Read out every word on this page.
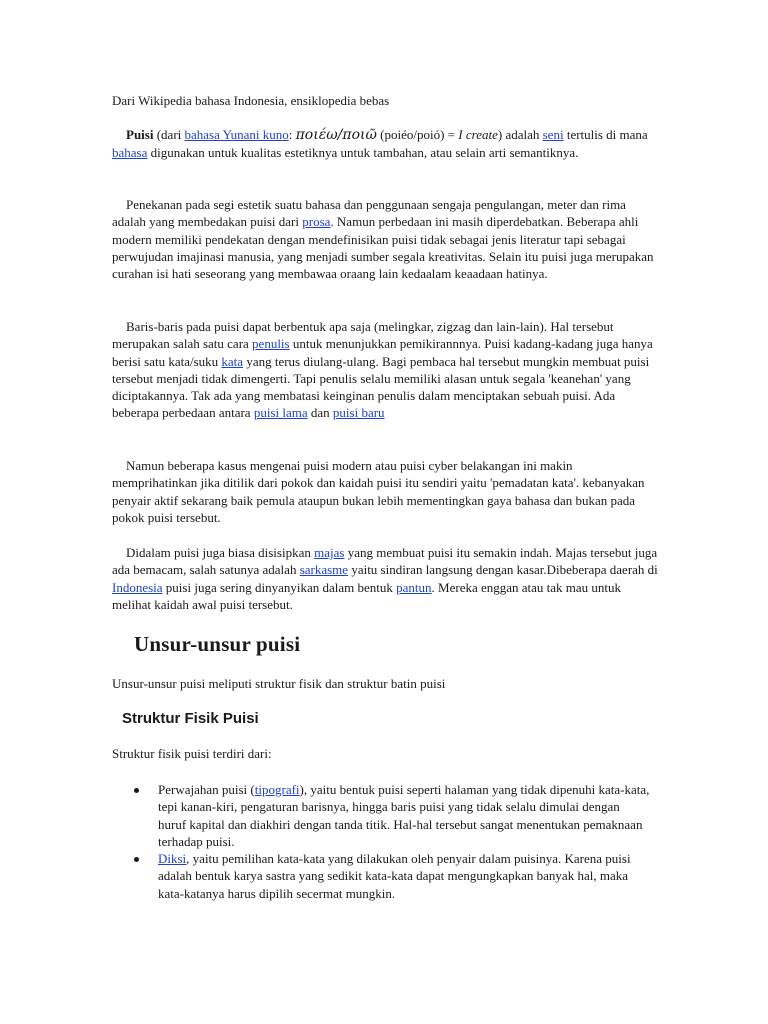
Dari Wikipedia bahasa Indonesia, ensiklopedia bebas

Puisi (dari bahasa Yunani kuno: ποιέω/ποιῶ (poiéo/poió) = I create) adalah seni tertulis di mana bahasa digunakan untuk kualitas estetiknya untuk tambahan, atau selain arti semantiknya.

Penekanan pada segi estetik suatu bahasa dan penggunaan sengaja pengulangan, meter dan rima adalah yang membedakan puisi dari prosa. Namun perbedaan ini masih diperdebatkan. Beberapa ahli modern memiliki pendekatan dengan mendefinisikan puisi tidak sebagai jenis literatur tapi sebagai perwujudan imajinasi manusia, yang menjadi sumber segala kreativitas. Selain itu puisi juga merupakan curahan isi hati seseorang yang membawaa oraang lain kedaalam keaadaan hatinya.

Baris-baris pada puisi dapat berbentuk apa saja (melingkar, zigzag dan lain-lain). Hal tersebut merupakan salah satu cara penulis untuk menunjukkan pemikirannnya. Puisi kadang-kadang juga hanya berisi satu kata/suku kata yang terus diulang-ulang. Bagi pembaca hal tersebut mungkin membuat puisi tersebut menjadi tidak dimengerti. Tapi penulis selalu memiliki alasan untuk segala 'keanehan' yang diciptakannya. Tak ada yang membatasi keinginan penulis dalam menciptakan sebuah puisi. Ada beberapa perbedaan antara puisi lama dan puisi baru

Namun beberapa kasus mengenai puisi modern atau puisi cyber belakangan ini makin memprihatinkan jika ditilik dari pokok dan kaidah puisi itu sendiri yaitu 'pemadatan kata'. kebanyakan penyair aktif sekarang baik pemula ataupun bukan lebih mementingkan gaya bahasa dan bukan pada pokok puisi tersebut.

Didalam puisi juga biasa disisipkan majas yang membuat puisi itu semakin indah. Majas tersebut juga ada bemacam, salah satunya adalah sarkasme yaitu sindiran langsung dengan kasar.Dibeberapa daerah di Indonesia puisi juga sering dinyanyikan dalam bentuk pantun. Mereka enggan atau tak mau untuk melihat kaidah awal puisi tersebut.

Unsur-unsur puisi

Unsur-unsur puisi meliputi struktur fisik dan struktur batin puisi

Struktur Fisik Puisi

Struktur fisik puisi terdiri dari:

Perwajahan puisi (tipografi), yaitu bentuk puisi seperti halaman yang tidak dipenuhi kata-kata, tepi kanan-kiri, pengaturan barisnya, hingga baris puisi yang tidak selalu dimulai dengan huruf kapital dan diakhiri dengan tanda titik. Hal-hal tersebut sangat menentukan pemaknaan terhadap puisi.
Diksi, yaitu pemilihan kata-kata yang dilakukan oleh penyair dalam puisinya. Karena puisi adalah bentuk karya sastra yang sedikit kata-kata dapat mengungkapkan banyak hal, maka kata-katanya harus dipilih secermat mungkin.
